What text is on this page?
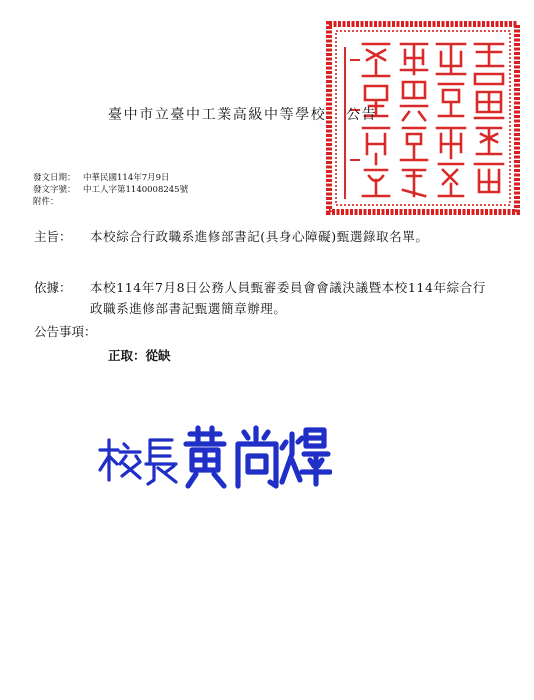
臺中市立臺中工業高級中等學校 公告
發文日期： 中華民國114年7月9日
發文字號： 中工人字第1140008245號
附件：
主旨： 本校綜合行政職系進修部書記(具身心障礙)甄選錄取名單。
依據： 本校114年7月8日公務人員甄審委員會會議決議暨本校114年綜合行政職系進修部書記甄選簡章辦理。
公告事項：
正取：從缺
